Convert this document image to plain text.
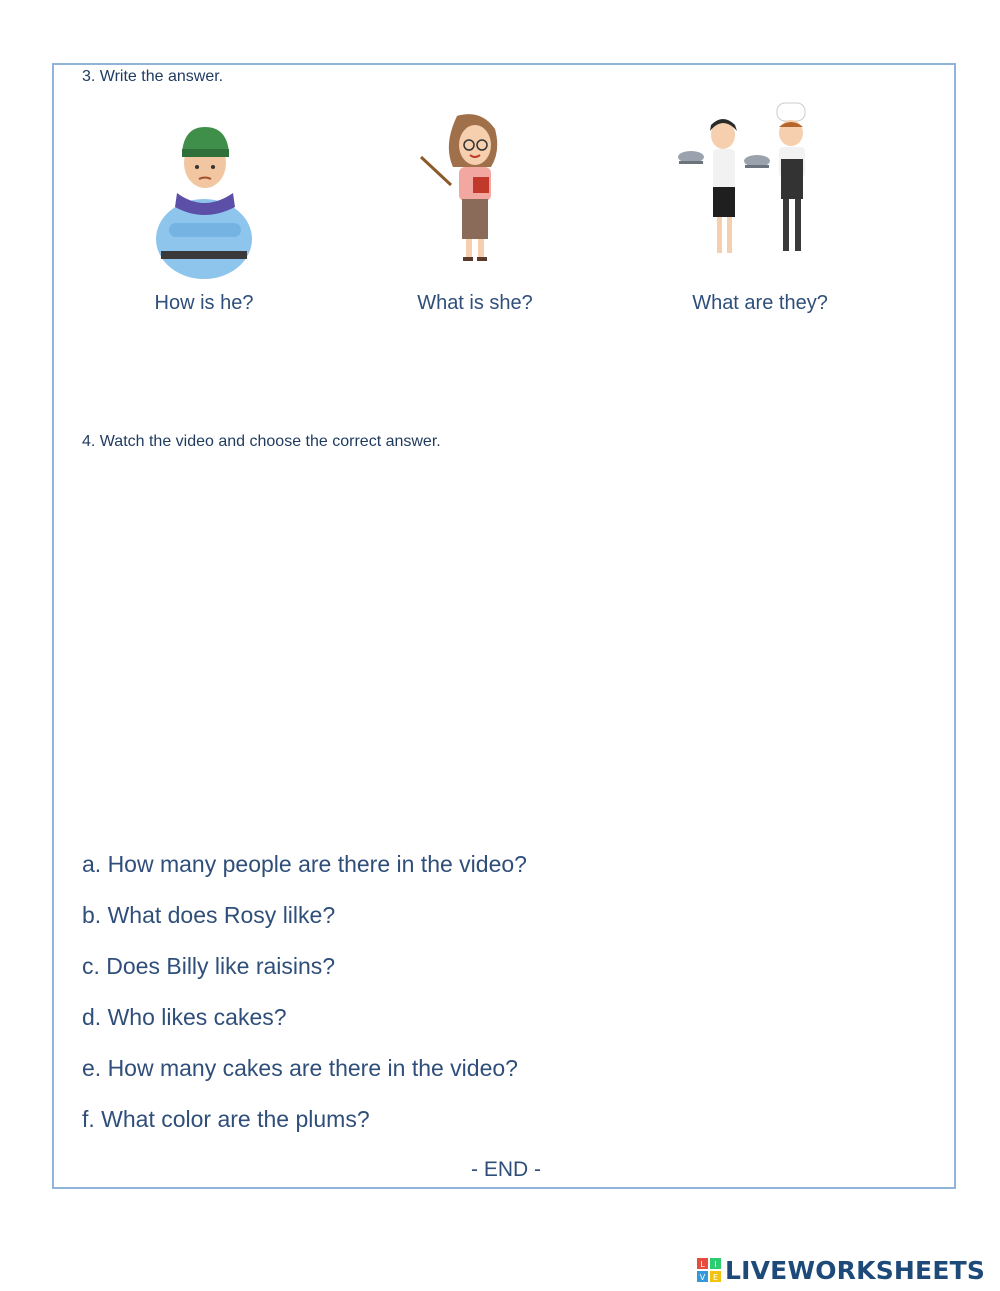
3. Write the answer.
How is he?	What is she?	What are they?
4. Watch the video and choose the correct answer.
a. How many people are there in the video?
b. What does Rosy lilke?
c. Does Billy like raisins?
d. Who likes cakes?
e. How many cakes are there in the video?
f. What color are the plums?
- END -
L I
V E LIVEWORKSHEETS
